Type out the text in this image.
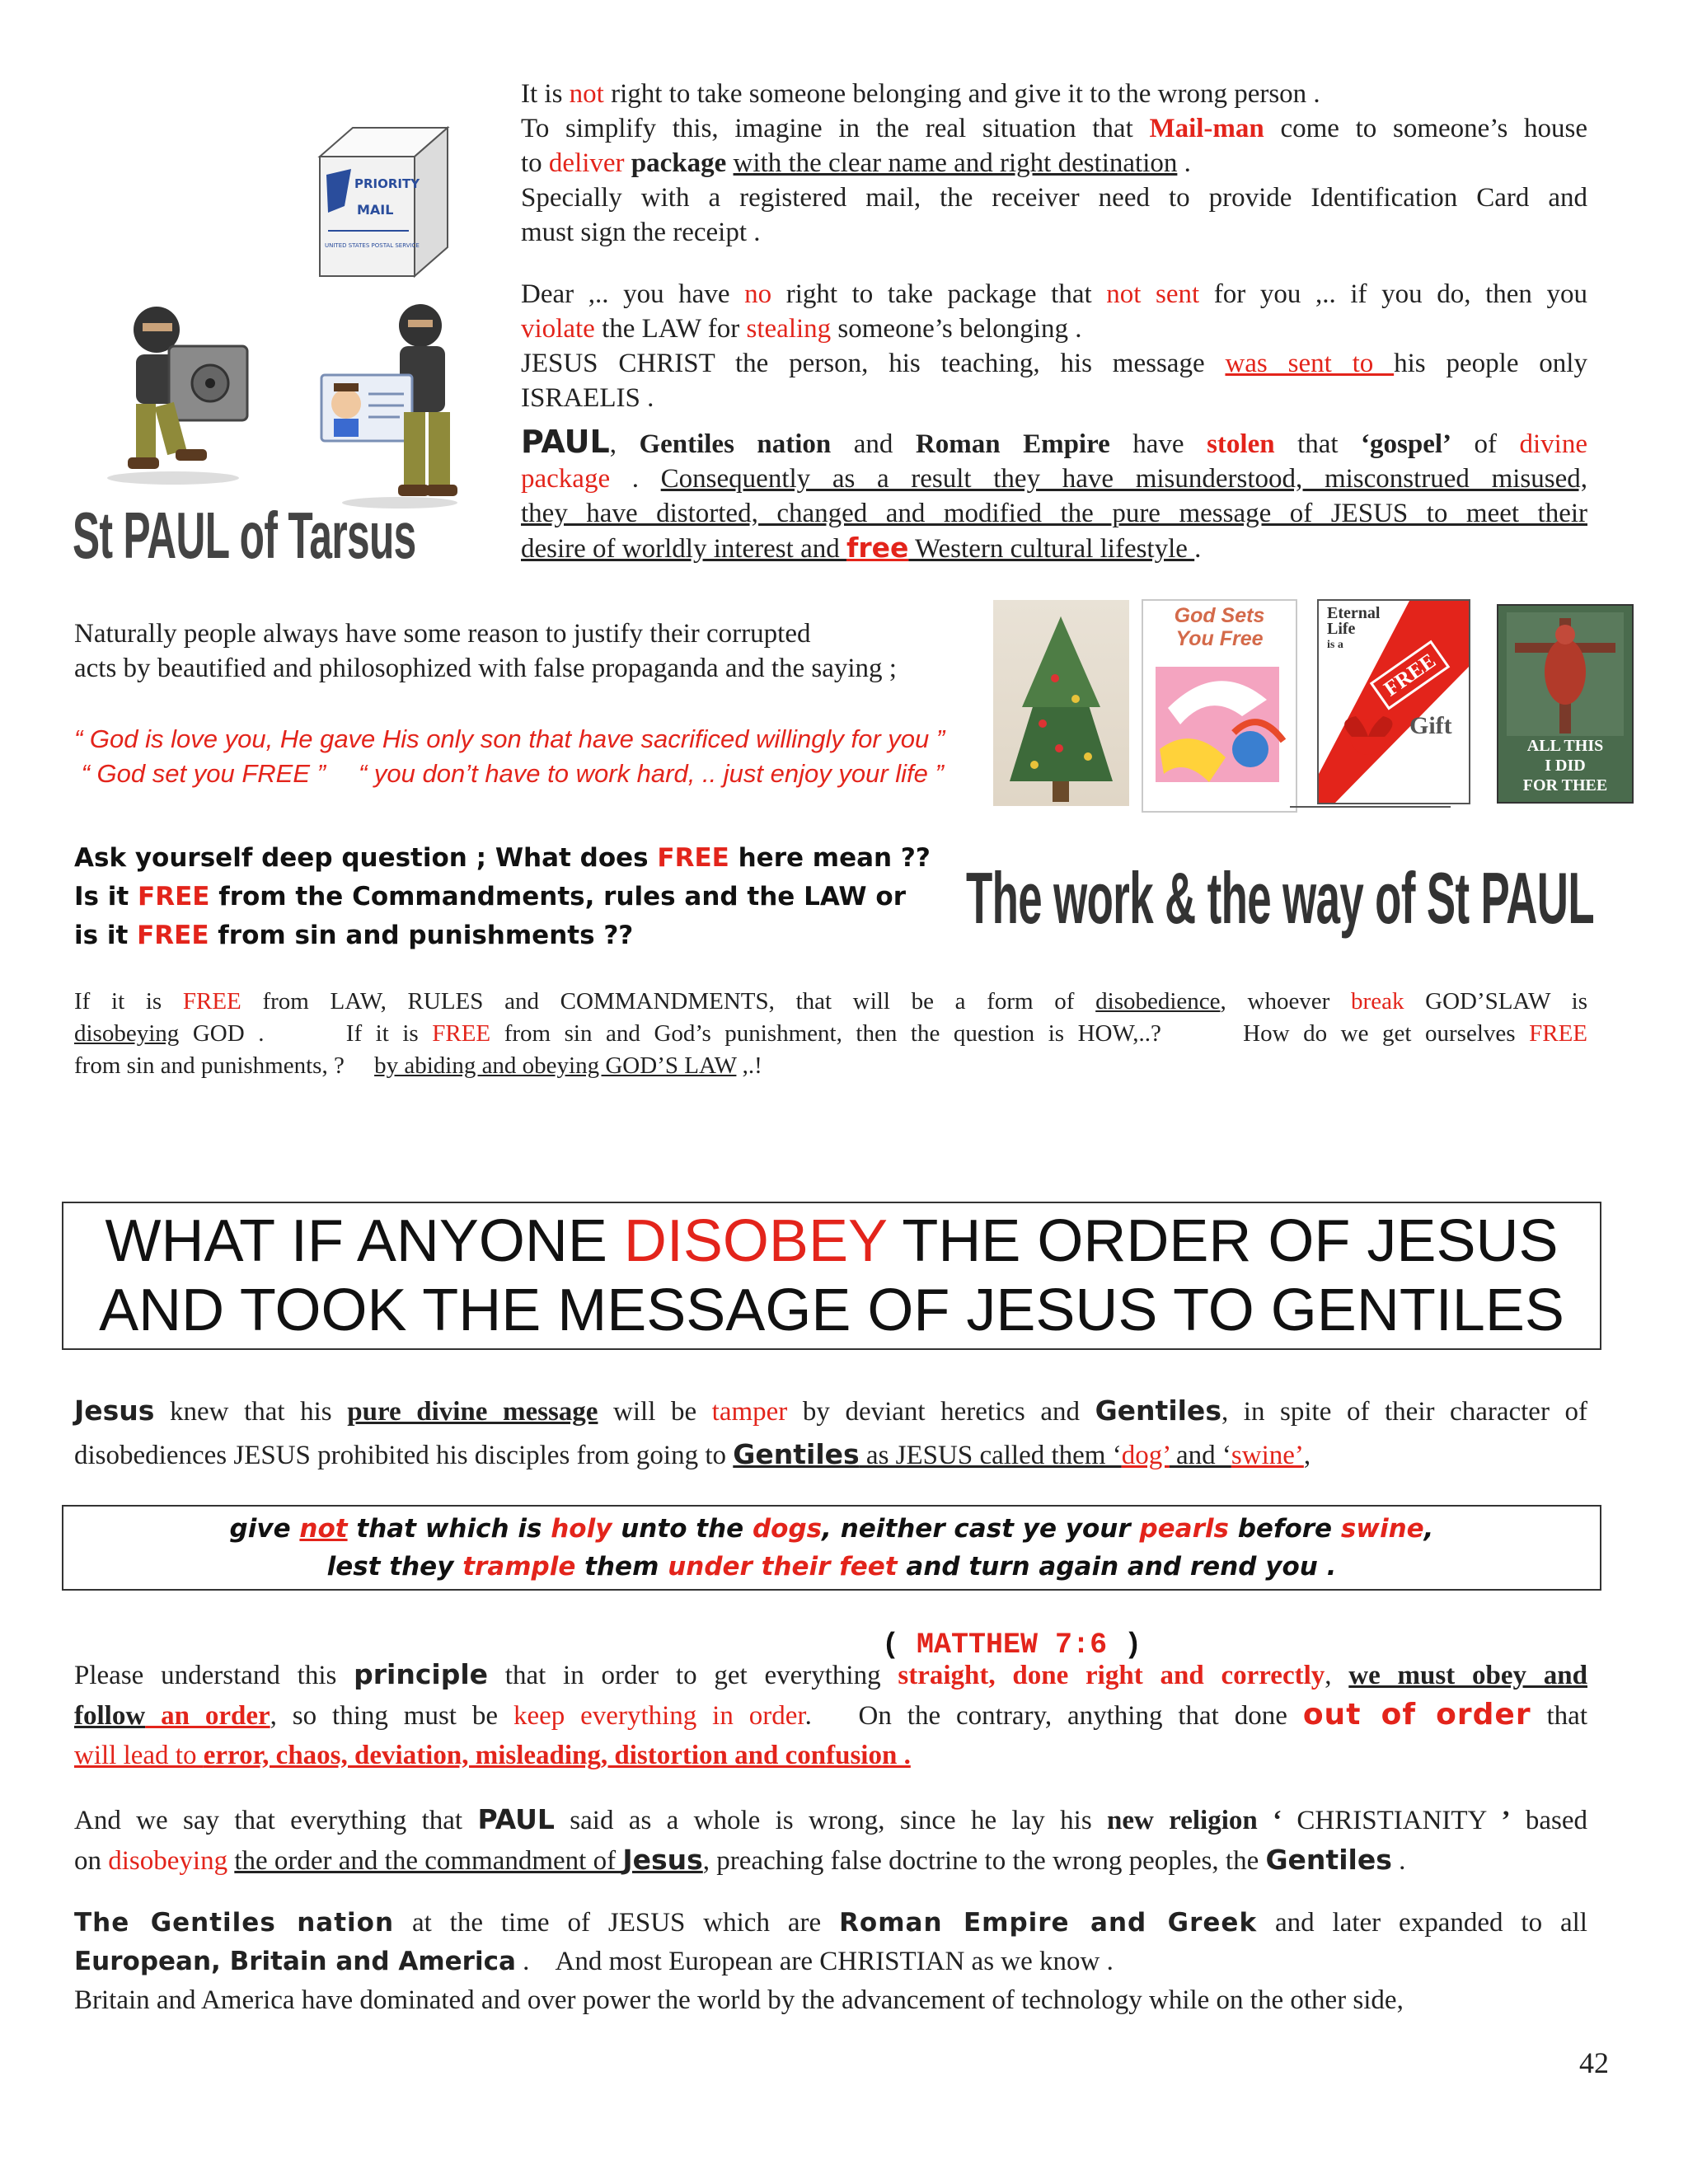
PRIORITY
MAIL
UNITED STATES POSTAL SERVICE
St PAUL of Tarsus
It is not right to take someone belonging and give it to the wrong person .
To simplify this, imagine in the real situation that Mail-man come to someone’s house
to deliver package with the clear name and right destination .
Specially with a registered mail, the receiver need to provide Identification Card and
must sign the receipt .
Dear ,.. you have no right to take package that not sent for you ,.. if you do, then you
violate the LAW for stealing someone’s belonging .
JESUS CHRIST the person, his teaching, his message was sent to his people only
ISRAELIS .
PAUL, Gentiles nation and Roman Empire have stolen that ‘gospel’ of divine
package . Consequently as a result they have misunderstood, misconstrued misused,
they have distorted, changed and modified the pure message of JESUS to meet their
desire of worldly interest and free Western cultural lifestyle .
Naturally people always have some reason to justify their corrupted
acts by beautified and philosophized with false propaganda and the saying ;
“ God is love you, He gave His only son that have sacrificed willingly for you ”
“ God set you FREE ” “ you don’t have to work hard, .. just enjoy your life ”
God Sets
You Free
Eternal
Life
is a
FREE
Gift
ALL THIS
I DID
FOR THEE
Ask yourself deep question ; What does FREE here mean ??
Is it FREE from the Commandments, rules and the LAW or
is it FREE from sin and punishments ??	The work & the way of St PAUL
If it is FREE from LAW, RULES and COMMANDMENTS, that will be a form of disobedience, whoever break GOD’SLAW is
disobeying GOD .      If it is FREE from sin and God’s punishment, then the question is HOW,..?      How do we get ourselves FREE
from sin and punishments, ?     by abiding and obeying GOD’S LAW ,.!
WHAT IF ANYONE DISOBEY THE ORDER OF JESUS
AND TOOK THE MESSAGE OF JESUS TO GENTILES
Jesus knew that his pure divine message will be tamper by deviant heretics and Gentiles, in spite of their character of
disobediences JESUS prohibited his disciples from going to Gentiles as JESUS called them ‘dog’ and ‘swine’,
give not that which is holy unto the dogs, neither cast ye your pearls before swine,
lest they trample them under their feet and turn again and rend you .

( MATTHEW 7:6 )

Please understand this principle that in order to get everything straight, done right and correctly, we must obey and
follow an order, so thing must be keep everything in order.   On the contrary, anything that done out of order that
will lead to error, chaos, deviation, misleading, distortion and confusion .
And we say that everything that PAUL said as a whole is wrong, since he lay his new religion ‘ CHRISTIANITY ’ based
on disobeying the order and the commandment of Jesus, preaching false doctrine to the wrong peoples, the Gentiles .
The Gentiles nation at the time of JESUS which are Roman Empire and Greek and later expanded to all
European, Britain and America .    And most European are CHRISTIAN as we know .
Britain and America have dominated and over power the world by the advancement of technology while on the other side,
42
